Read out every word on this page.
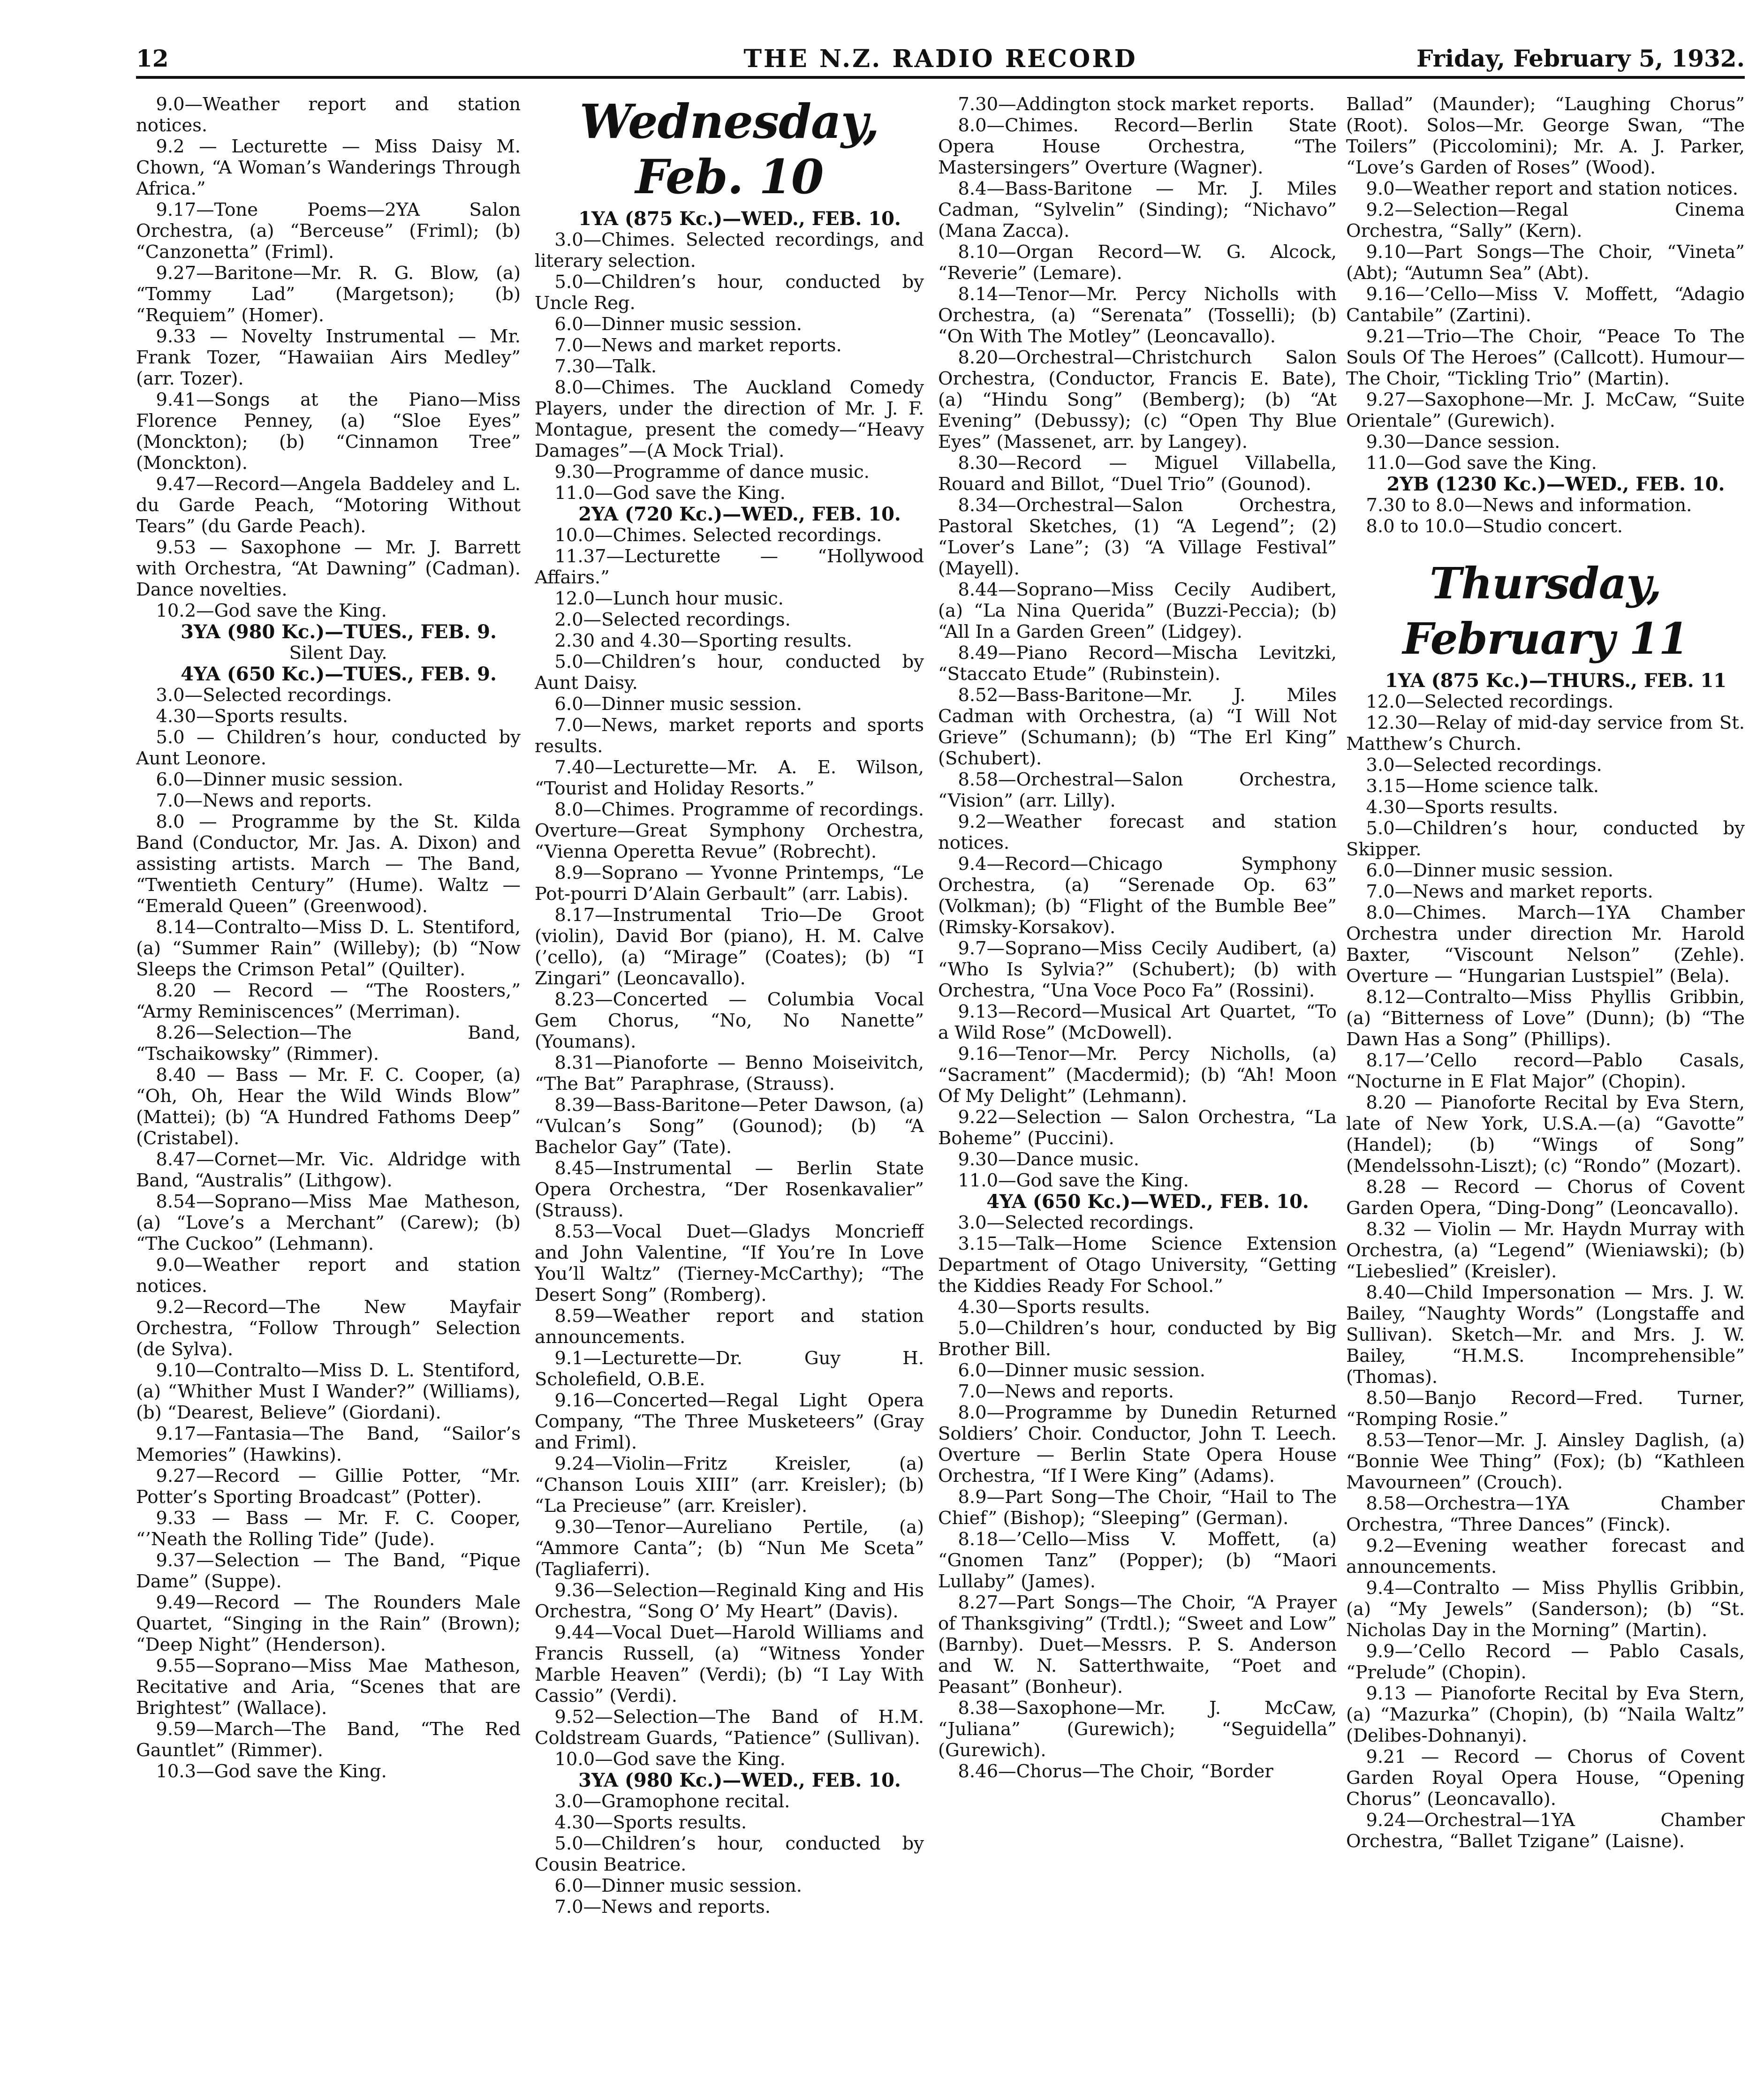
12	THE N.Z. RADIO RECORD	Friday, February 5, 1932.

9.0—Weather report and station notices.

9.2 — Lecturette — Miss Daisy M. Chown, “A Woman’s Wanderings Through Africa.”

9.17—Tone Poems—2YA Salon Orchestra, (a) “Berceuse” (Friml); (b) “Canzonetta” (Friml).

9.27—Baritone—Mr. R. G. Blow, (a) “Tommy Lad” (Margetson); (b) “Requiem” (Homer).

9.33 — Novelty Instrumental — Mr. Frank Tozer, “Hawaiian Airs Medley” (arr. Tozer).

9.41—Songs at the Piano—Miss Florence Penney, (a) “Sloe Eyes” (Monckton); (b) “Cinnamon Tree” (Monckton).

9.47—Record—Angela Baddeley and L. du Garde Peach, “Motoring Without Tears” (du Garde Peach).

9.53 — Saxophone — Mr. J. Barrett with Orchestra, “At Dawning” (Cadman). Dance novelties.

10.2—God save the King.

3YA (980 Kc.)—TUES., FEB. 9.

Silent Day.

4YA (650 Kc.)—TUES., FEB. 9.

3.0—Selected recordings.

4.30—Sports results.

5.0 — Children’s hour, conducted by Aunt Leonore.

6.0—Dinner music session.

7.0—News and reports.

8.0 — Programme by the St. Kilda Band (Conductor, Mr. Jas. A. Dixon) and assisting artists. March — The Band, “Twentieth Century” (Hume). Waltz — “Emerald Queen” (Greenwood).

8.14—Contralto—Miss D. L. Stentiford, (a) “Summer Rain” (Willeby); (b) “Now Sleeps the Crimson Petal” (Quilter).

8.20 — Record — “The Roosters,” “Army Reminiscences” (Merriman).

8.26—Selection—The Band, “Tschaikowsky” (Rimmer).

8.40 — Bass — Mr. F. C. Cooper, (a) “Oh, Oh, Hear the Wild Winds Blow” (Mattei); (b) “A Hundred Fathoms Deep” (Cristabel).

8.47—Cornet—Mr. Vic. Aldridge with Band, “Australis” (Lithgow).

8.54—Soprano—Miss Mae Matheson, (a) “Love’s a Merchant” (Carew); (b) “The Cuckoo” (Lehmann).

9.0—Weather report and station notices.

9.2—Record—The New Mayfair Orchestra, “Follow Through” Selection (de Sylva).

9.10—Contralto—Miss D. L. Stentiford, (a) “Whither Must I Wander?” (Williams), (b) “Dearest, Believe” (Giordani).

9.17—Fantasia—The Band, “Sailor’s Memories” (Hawkins).

9.27—Record — Gillie Potter, “Mr. Potter’s Sporting Broadcast” (Potter).

9.33 — Bass — Mr. F. C. Cooper, “’Neath the Rolling Tide” (Jude).

9.37—Selection — The Band, “Pique Dame” (Suppe).

9.49—Record — The Rounders Male Quartet, “Singing in the Rain” (Brown); “Deep Night” (Henderson).

9.55—Soprano—Miss Mae Matheson, Recitative and Aria, “Scenes that are Brightest” (Wallace).

9.59—March—The Band, “The Red Gauntlet” (Rimmer).

10.3—God save the King.

Wednesday, Feb. 10

1YA (875 Kc.)—WED., FEB. 10.

3.0—Chimes. Selected recordings, and literary selection.

5.0—Children’s hour, conducted by Uncle Reg.

6.0—Dinner music session.

7.0—News and market reports.

7.30—Talk.

8.0—Chimes. The Auckland Comedy Players, under the direction of Mr. J. F. Montague, present the comedy—“Heavy Damages”—(A Mock Trial).

9.30—Programme of dance music.

11.0—God save the King.

2YA (720 Kc.)—WED., FEB. 10.

10.0—Chimes. Selected recordings.

11.37—Lecturette — “Hollywood Affairs.”

12.0—Lunch hour music.

2.0—Selected recordings.

2.30 and 4.30—Sporting results.

5.0—Children’s hour, conducted by Aunt Daisy.

6.0—Dinner music session.

7.0—News, market reports and sports results.

7.40—Lecturette—Mr. A. E. Wilson, “Tourist and Holiday Resorts.”

8.0—Chimes. Programme of recordings. Overture—Great Symphony Orchestra, “Vienna Operetta Revue” (Robrecht).

8.9—Soprano — Yvonne Printemps, “Le Pot-pourri D’Alain Gerbault” (arr. Labis).

8.17—Instrumental Trio—De Groot (violin), David Bor (piano), H. M. Calve (’cello), (a) “Mirage” (Coates); (b) “I Zingari” (Leoncavallo).

8.23—Concerted — Columbia Vocal Gem Chorus, “No, No Nanette” (Youmans).

8.31—Pianoforte — Benno Moiseivitch, “The Bat” Paraphrase, (Strauss).

8.39—Bass-Baritone—Peter Dawson, (a) “Vulcan’s Song” (Gounod); (b) “A Bachelor Gay” (Tate).

8.45—Instrumental — Berlin State Opera Orchestra, “Der Rosenkavalier” (Strauss).

8.53—Vocal Duet—Gladys Moncrieff and John Valentine, “If You’re In Love You’ll Waltz” (Tierney-McCarthy); “The Desert Song” (Romberg).

8.59—Weather report and station announcements.

9.1—Lecturette—Dr. Guy H. Scholefield, O.B.E.

9.16—Concerted—Regal Light Opera Company, “The Three Musketeers” (Gray and Friml).

9.24—Violin—Fritz Kreisler, (a) “Chanson Louis XIII” (arr. Kreisler); (b) “La Precieuse” (arr. Kreisler).

9.30—Tenor—Aureliano Pertile, (a) “Ammore Canta”; (b) “Nun Me Sceta” (Tagliaferri).

9.36—Selection—Reginald King and His Orchestra, “Song O’ My Heart” (Davis).

9.44—Vocal Duet—Harold Williams and Francis Russell, (a) “Witness Yonder Marble Heaven” (Verdi); (b) “I Lay With Cassio” (Verdi).

9.52—Selection—The Band of H.M. Coldstream Guards, “Patience” (Sullivan).

10.0—God save the King.

3YA (980 Kc.)—WED., FEB. 10.

3.0—Gramophone recital.

4.30—Sports results.

5.0—Children’s hour, conducted by Cousin Beatrice.

6.0—Dinner music session.

7.0—News and reports.

7.30—Addington stock market reports.

8.0—Chimes. Record—Berlin State Opera House Orchestra, “The Mastersingers” Overture (Wagner).

8.4—Bass-Baritone — Mr. J. Miles Cadman, “Sylvelin” (Sinding); “Nichavo” (Mana Zacca).

8.10—Organ Record—W. G. Alcock, “Reverie” (Lemare).

8.14—Tenor—Mr. Percy Nicholls with Orchestra, (a) “Serenata” (Tosselli); (b) “On With The Motley” (Leoncavallo).

8.20—Orchestral—Christchurch Salon Orchestra, (Conductor, Francis E. Bate), (a) “Hindu Song” (Bemberg); (b) “At Evening” (Debussy); (c) “Open Thy Blue Eyes” (Massenet, arr. by Langey).

8.30—Record — Miguel Villabella, Rouard and Billot, “Duel Trio” (Gounod).

8.34—Orchestral—Salon Orchestra, Pastoral Sketches, (1) “A Legend”; (2) “Lover’s Lane”; (3) “A Village Festival” (Mayell).

8.44—Soprano—Miss Cecily Audibert, (a) “La Nina Querida” (Buzzi-Peccia); (b) “All In a Garden Green” (Lidgey).

8.49—Piano Record—Mischa Levitzki, “Staccato Etude” (Rubinstein).

8.52—Bass-Baritone—Mr. J. Miles Cadman with Orchestra, (a) “I Will Not Grieve” (Schumann); (b) “The Erl King” (Schubert).

8.58—Orchestral—Salon Orchestra, “Vision” (arr. Lilly).

9.2—Weather forecast and station notices.

9.4—Record—Chicago Symphony Orchestra, (a) “Serenade Op. 63” (Volkman); (b) “Flight of the Bumble Bee” (Rimsky-Korsakov).

9.7—Soprano—Miss Cecily Audibert, (a) “Who Is Sylvia?” (Schubert); (b) with Orchestra, “Una Voce Poco Fa” (Rossini).

9.13—Record—Musical Art Quartet, “To a Wild Rose” (McDowell).

9.16—Tenor—Mr. Percy Nicholls, (a) “Sacrament” (Macdermid); (b) “Ah! Moon Of My Delight” (Lehmann).

9.22—Selection — Salon Orchestra, “La Boheme” (Puccini).

9.30—Dance music.

11.0—God save the King.

4YA (650 Kc.)—WED., FEB. 10.

3.0—Selected recordings.

3.15—Talk—Home Science Extension Department of Otago University, “Getting the Kiddies Ready For School.”

4.30—Sports results.

5.0—Children’s hour, conducted by Big Brother Bill.

6.0—Dinner music session.

7.0—News and reports.

8.0—Programme by Dunedin Returned Soldiers’ Choir. Conductor, John T. Leech. Overture — Berlin State Opera House Orchestra, “If I Were King” (Adams).

8.9—Part Song—The Choir, “Hail to The Chief” (Bishop); “Sleeping” (German).

8.18—’Cello—Miss V. Moffett, (a) “Gnomen Tanz” (Popper); (b) “Maori Lullaby” (James).

8.27—Part Songs—The Choir, “A Prayer of Thanksgiving” (Trdtl.); “Sweet and Low” (Barnby). Duet—Messrs. P. S. Anderson and W. N. Satterthwaite, “Poet and Peasant” (Bonheur).

8.38—Saxophone—Mr. J. McCaw, “Juliana” (Gurewich); “Seguidella” (Gurewich).

8.46—Chorus—The Choir, “Border

Ballad” (Maunder); “Laughing Chorus” (Root). Solos—Mr. George Swan, “The Toilers” (Piccolomini); Mr. A. J. Parker, “Love’s Garden of Roses” (Wood).

9.0—Weather report and station notices.

9.2—Selection—Regal Cinema Orchestra, “Sally” (Kern).

9.10—Part Songs—The Choir, “Vineta” (Abt); “Autumn Sea” (Abt).

9.16—’Cello—Miss V. Moffett, “Adagio Cantabile” (Zartini).

9.21—Trio—The Choir, “Peace To The Souls Of The Heroes” (Callcott). Humour—The Choir, “Tickling Trio” (Martin).

9.27—Saxophone—Mr. J. McCaw, “Suite Orientale” (Gurewich).

9.30—Dance session.

11.0—God save the King.

2YB (1230 Kc.)—WED., FEB. 10.

7.30 to 8.0—News and information.

8.0 to 10.0—Studio concert.

Thursday, February 11

1YA (875 Kc.)—THURS., FEB. 11

12.0—Selected recordings.

12.30—Relay of mid-day service from St. Matthew’s Church.

3.0—Selected recordings.

3.15—Home science talk.

4.30—Sports results.

5.0—Children’s hour, conducted by Skipper.

6.0—Dinner music session.

7.0—News and market reports.

8.0—Chimes. March—1YA Chamber Orchestra under direction Mr. Harold Baxter, “Viscount Nelson” (Zehle). Overture — “Hungarian Lustspiel” (Bela).

8.12—Contralto—Miss Phyllis Gribbin, (a) “Bitterness of Love” (Dunn); (b) “The Dawn Has a Song” (Phillips).

8.17—’Cello record—Pablo Casals, “Nocturne in E Flat Major” (Chopin).

8.20 — Pianoforte Recital by Eva Stern, late of New York, U.S.A.—(a) “Gavotte” (Handel); (b) “Wings of Song” (Mendelssohn-Liszt); (c) “Rondo” (Mozart).

8.28 — Record — Chorus of Covent Garden Opera, “Ding-Dong” (Leoncavallo).

8.32 — Violin — Mr. Haydn Murray with Orchestra, (a) “Legend” (Wieniawski); (b) “Liebeslied” (Kreisler).

8.40—Child Impersonation — Mrs. J. W. Bailey, “Naughty Words” (Longstaffe and Sullivan). Sketch—Mr. and Mrs. J. W. Bailey, “H.M.S. Incomprehensible” (Thomas).

8.50—Banjo Record—Fred. Turner, “Romping Rosie.”

8.53—Tenor—Mr. J. Ainsley Daglish, (a) “Bonnie Wee Thing” (Fox); (b) “Kathleen Mavourneen” (Crouch).

8.58—Orchestra—1YA Chamber Orchestra, “Three Dances” (Finck).

9.2—Evening weather forecast and announcements.

9.4—Contralto — Miss Phyllis Gribbin, (a) “My Jewels” (Sanderson); (b) “St. Nicholas Day in the Morning” (Martin).

9.9—’Cello Record — Pablo Casals, “Prelude” (Chopin).

9.13 — Pianoforte Recital by Eva Stern, (a) “Mazurka” (Chopin), (b) “Naila Waltz” (Delibes-Dohnanyi).

9.21 — Record — Chorus of Covent Garden Royal Opera House, “Opening Chorus” (Leoncavallo).

9.24—Orchestral—1YA Chamber Orchestra, “Ballet Tzigane” (Laisne).
